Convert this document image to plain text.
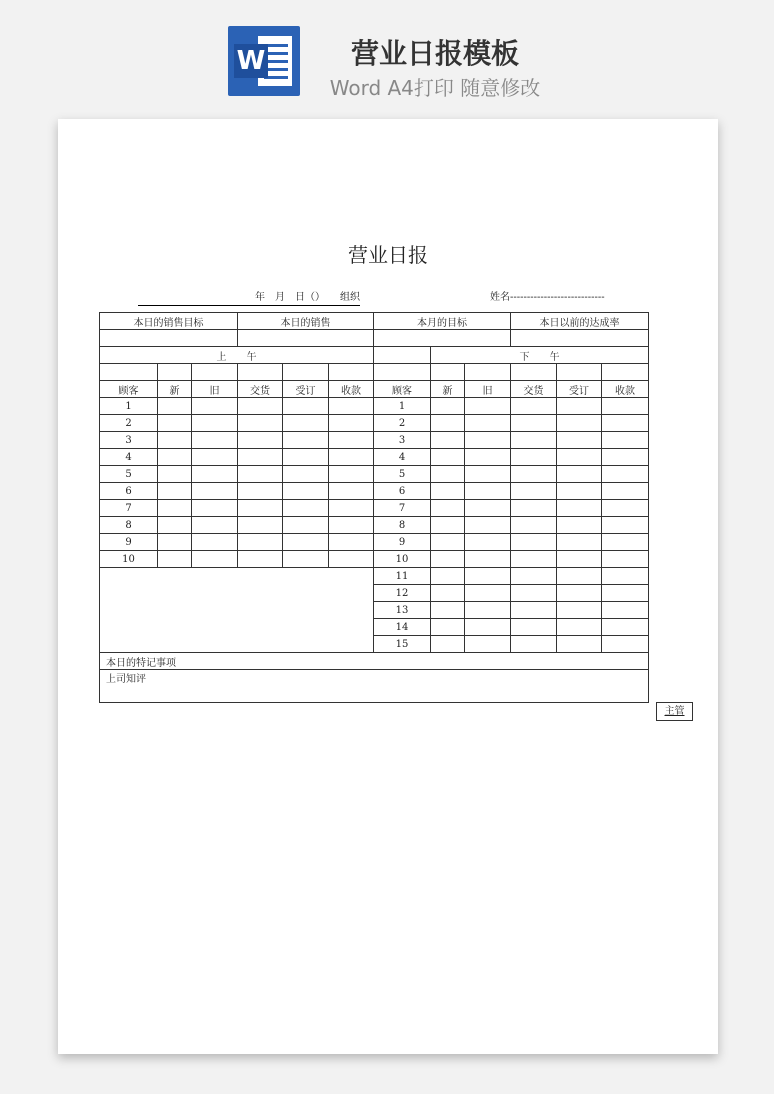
W	营业日报模板
Word A4打印 随意修改
营业日报
年　月　日（）　　组织	姓名----------------------------
本日的销售目标			本日的销售			本月的目标			本日以前的达成率		

上　　午							下　　午				

顾客	新	旧	交货	受订	收款	顾客	新	旧	交货	受订	收款
1						1					
2						2					
3						3					
4						4					
5						5					
6						6					
7						7					
8						8					
9						9					
10						10					
						11					
						12					
						13					
						14					
						15					
本日的特记事项											
上司知评											
主管
